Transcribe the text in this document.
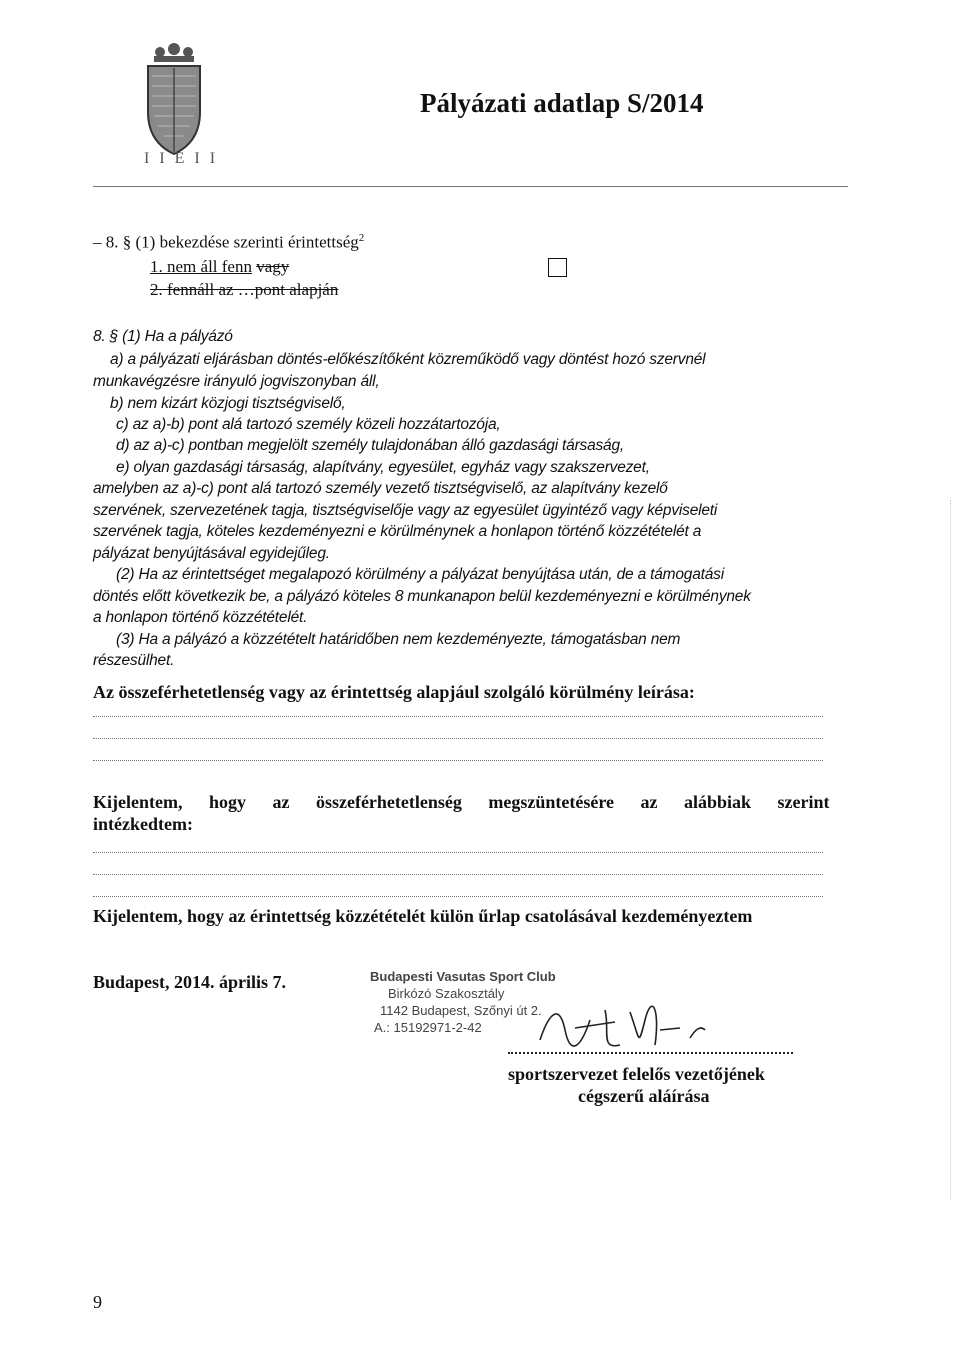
I I E I I
Pályázati adatlap S/2014
– 8. § (1) bekezdése szerinti érintettség$^2$
1. nem áll fenn vagy
2. fennáll az …pont alapján
8. § (1) Ha a pályázó
a) a pályázati eljárásban döntés-előkészítőként közreműködő vagy döntést hozó szervnél
munkavégzésre irányuló jogviszonyban áll,
b) nem kizárt közjogi tisztségviselő,
c) az a)-b) pont alá tartozó személy közeli hozzátartozója,
d) az a)-c) pontban megjelölt személy tulajdonában álló gazdasági társaság,
e) olyan gazdasági társaság, alapítvány, egyesület, egyház vagy szakszervezet,
amelyben az a)-c) pont alá tartozó személy vezető tisztségviselő, az alapítvány kezelő
szervének, szervezetének tagja, tisztségviselője vagy az egyesület ügyintéző vagy képviseleti
szervének tagja, köteles kezdeményezni e körülménynek a honlapon történő közzétételét a
pályázat benyújtásával egyidejűleg.
(2) Ha az érintettséget megalapozó körülmény a pályázat benyújtása után, de a támogatási
döntés előtt következik be, a pályázó köteles 8 munkanapon belül kezdeményezni e körülménynek
a honlapon történő közzétételét.
(3) Ha a pályázó a közzétételt határidőben nem kezdeményezte, támogatásban nem
részesülhet.
Az összeférhetetlenség vagy az érintettség alapjául szolgáló körülmény leírása:
Kijelentem, hogy az összeférhetetlenség megszüntetésére az alábbiak szerint
intézkedtem:
Kijelentem, hogy az érintettség közzétételét külön űrlap csatolásával kezdeményeztem
Budapest, 2014. április 7.	Budapesti Vasutas Sport Club
Birkózó Szakosztály
1142 Budapest, Szőnyi út 2.
A.: 15192971-2-42
sportszervezet felelős vezetőjének
cégszerű aláírása
9
